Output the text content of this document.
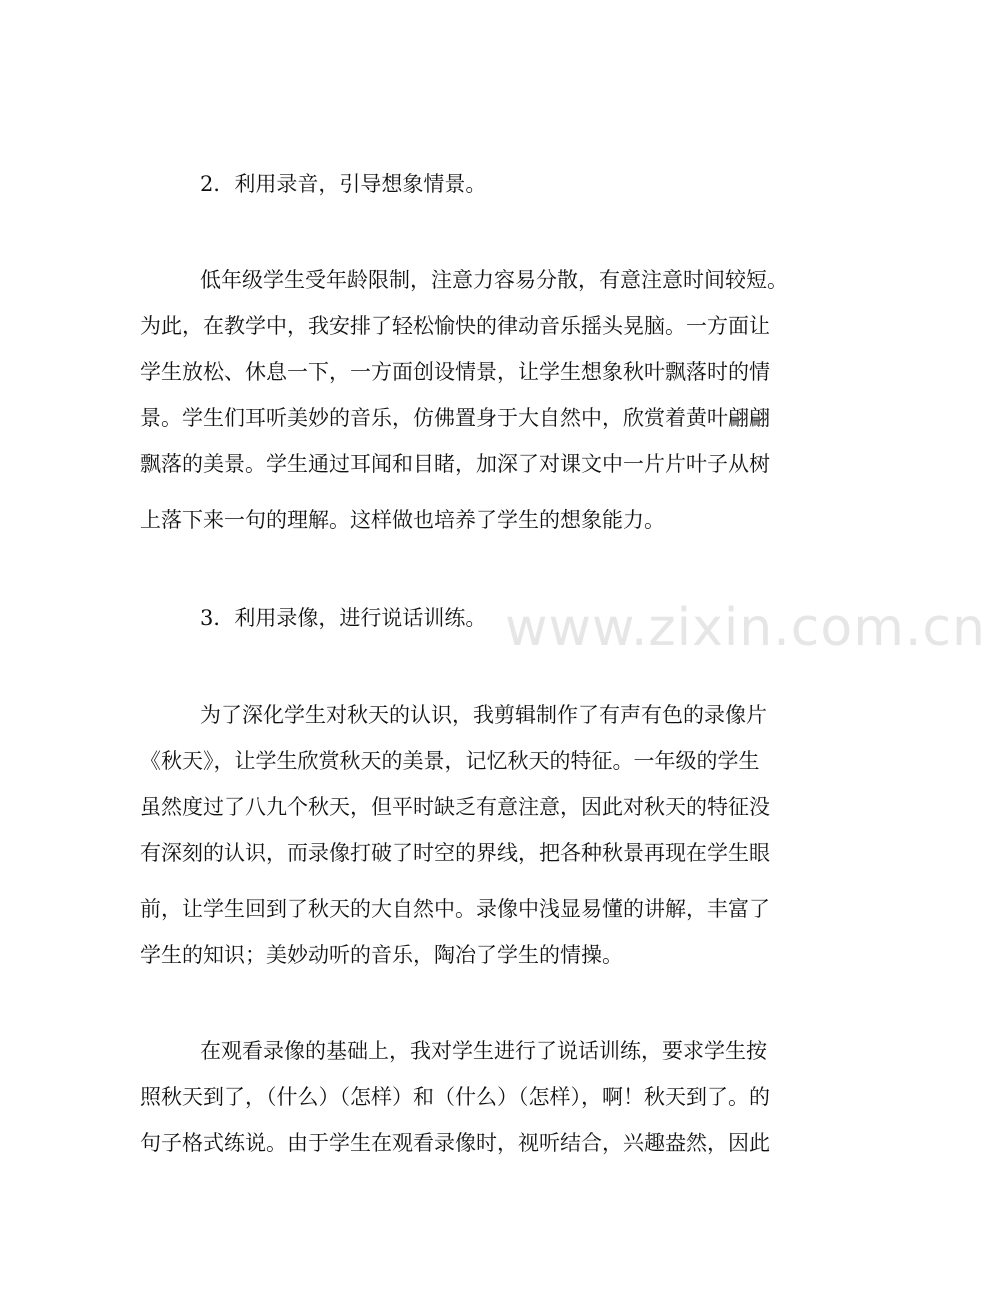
www.zixin.com.cn
2．利用录音，引导想象情景。
低年级学生受年龄限制，注意力容易分散，有意注意时间较短。
为此，在教学中，我安排了轻松愉快的律动音乐摇头晃脑。一方面让
学生放松、休息一下，一方面创设情景，让学生想象秋叶飘落时的情
景。学生们耳听美妙的音乐，仿佛置身于大自然中，欣赏着黄叶翩翩
飘落的美景。学生通过耳闻和目睹，加深了对课文中一片片叶子从树
上落下来一句的理解。这样做也培养了学生的想象能力。
3．利用录像，进行说话训练。
为了深化学生对秋天的认识，我剪辑制作了有声有色的录像片
《秋天》，让学生欣赏秋天的美景，记忆秋天的特征。一年级的学生
虽然度过了八九个秋天，但平时缺乏有意注意，因此对秋天的特征没
有深刻的认识，而录像打破了时空的界线，把各种秋景再现在学生眼
前，让学生回到了秋天的大自然中。录像中浅显易懂的讲解，丰富了
学生的知识；美妙动听的音乐，陶冶了学生的情操。
在观看录像的基础上，我对学生进行了说话训练，要求学生按
照秋天到了，（什么）（怎样）和（什么）（怎样），啊！秋天到了。的
句子格式练说。由于学生在观看录像时，视听结合，兴趣盎然，因此
